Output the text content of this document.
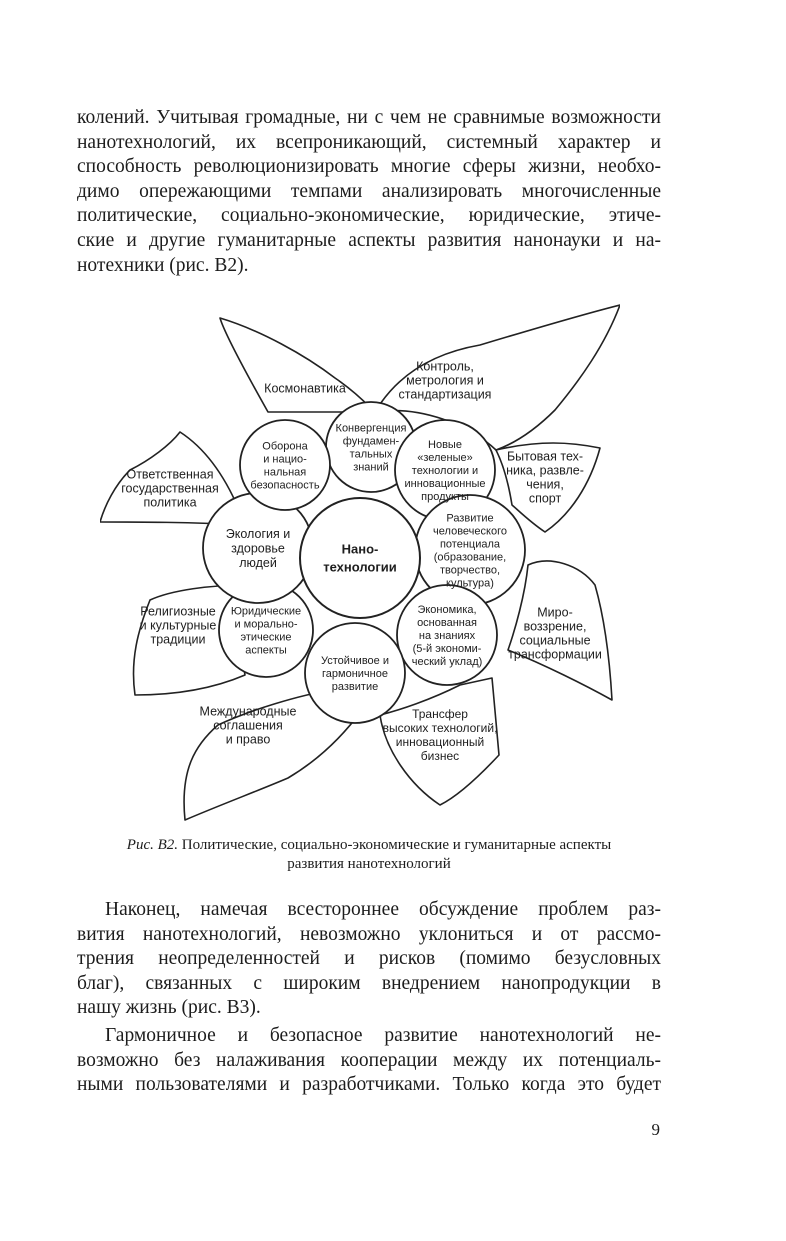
колений. Учитывая громадные, ни с чем не сравнимые возможности
нанотехнологий, их всепроникающий, системный характер и
способность революционизировать многие сферы жизни, необхо-
димо опережающими темпами анализировать многочисленные
политические, социально-экономические, юридические, этиче-
ские и другие гуманитарные аспекты развития нанонауки и на-
нотехники (рис. В2).
Космонавтика
Контроль, метрология и стандартизация
Бытовая тех-ника, развле-чения, спорт
Миро-воззрение, социальные трансформации
Трансфер высоких технологий, инновационный бизнес
Международные соглашения и право
Религиозные и культурные традиции
Ответственная государственная политика
Конвергенция фундамен-тальных знаний
Новые «зеленые» технологии и инновационные продукты
Развитие человеческого потенциала (образование, творчество, культура)
Экономика, основанная на знаниях (5-й экономи-ческий уклад)
Устойчивое и гармоничное развитие
Юридические и морально-этические аспекты
Экология и здоровье людей
Оборона и нацио-нальная безопасность
Нано-технологии
Рис. В2. Политические, социально-экономические и гуманитарные аспекты
развития нанотехнологий
Наконец, намечая всестороннее обсуждение проблем раз-
вития нанотехнологий, невозможно уклониться и от рассмо-
трения неопределенностей и рисков (помимо безусловных
благ), связанных с широким внедрением нанопродукции в
нашу жизнь (рис. В3).
Гармоничное и безопасное развитие нанотехнологий не-
возможно без налаживания кооперации между их потенциаль-
ными пользователями и разработчиками. Только когда это будет
9
